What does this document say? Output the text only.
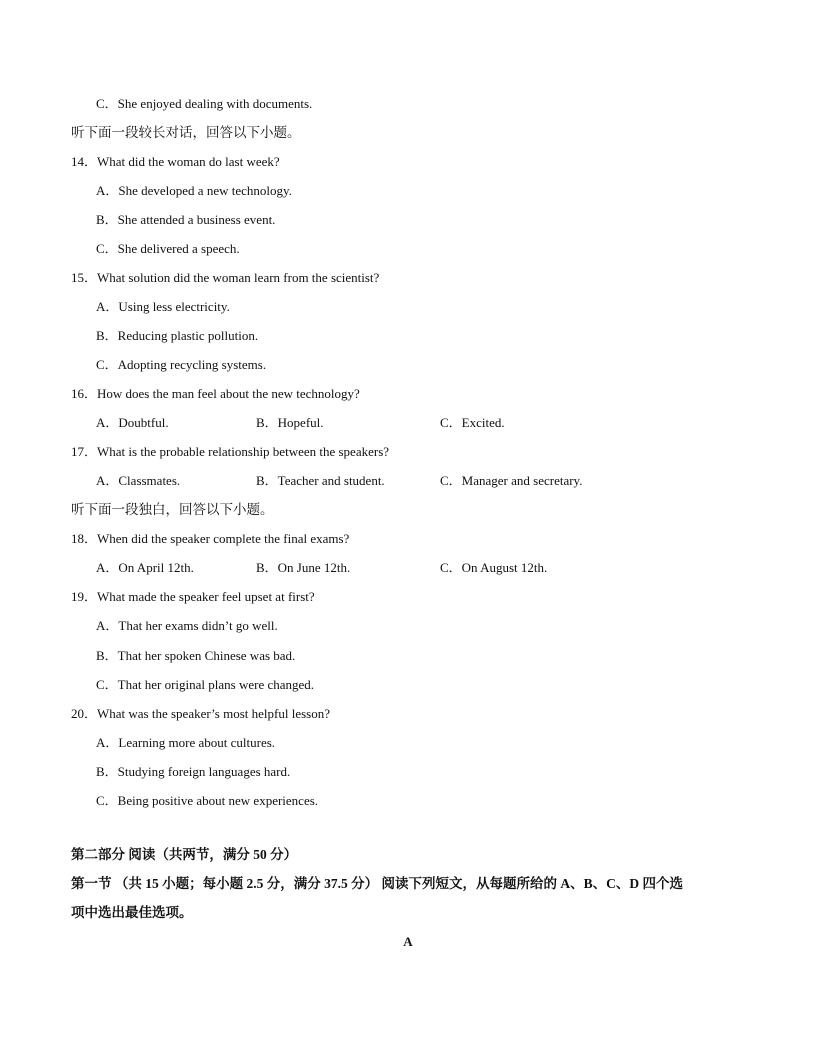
C．She enjoyed dealing with documents.
听下面一段较长对话，回答以下小题。
14．What did the woman do last week?
A．She developed a new technology.
B．She attended a business event.
C．She delivered a speech.
15．What solution did the woman learn from the scientist?
A．Using less electricity.
B．Reducing plastic pollution.
C．Adopting recycling systems.
16．How does the man feel about the new technology?
A．Doubtful.	B．Hopeful.	C．Excited.
17．What is the probable relationship between the speakers?
A．Classmates.	B．Teacher and student.	C．Manager and secretary.
听下面一段独白，回答以下小题。
18．When did the speaker complete the final exams?
A．On April 12th.	B．On June 12th.	C．On August 12th.
19．What made the speaker feel upset at first?
A．That her exams didn’t go well.
B．That her spoken Chinese was bad.
C．That her original plans were changed.
20．What was the speaker’s most helpful lesson?
A．Learning more about cultures.
B．Studying foreign languages hard.
C．Being positive about new experiences.
第二部分 阅读（共两节，满分 50 分）
第一节 （共 15 小题；每小题 2.5 分，满分 37.5 分） 阅读下列短文，从每题所给的 A、B、C、D 四个选
项中选出最佳选项。
A
